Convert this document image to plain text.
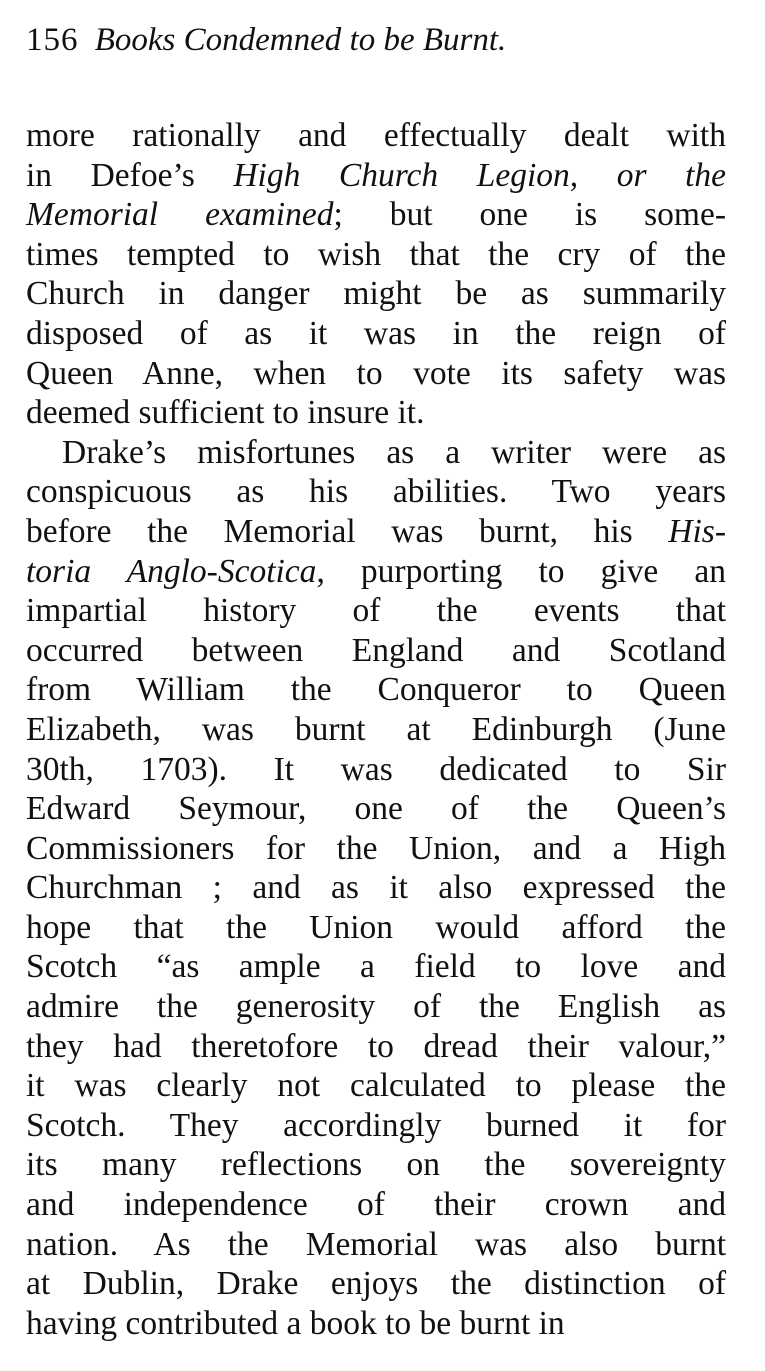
156 Books Condemned to be Burnt.
more rationally and effectually dealt with
in Defoe’s High Church Legion, or the
Memorial examined; but one is some-
times tempted to wish that the cry of the
Church in danger might be as summarily
disposed of as it was in the reign of
Queen Anne, when to vote its safety was
deemed sufficient to insure it.
Drake’s misfortunes as a writer were as
conspicuous as his abilities. Two years
before the Memorial was burnt, his His-
toria Anglo-Scotica, purporting to give an
impartial history of the events that
occurred between England and Scotland
from William the Conqueror to Queen
Elizabeth, was burnt at Edinburgh (June
30th, 1703). It was dedicated to Sir
Edward Seymour, one of the Queen’s
Commissioners for the Union, and a High
Churchman ; and as it also expressed the
hope that the Union would afford the
Scotch “as ample a field to love and
admire the generosity of the English as
they had theretofore to dread their valour,”
it was clearly not calculated to please the
Scotch. They accordingly burned it for
its many reflections on the sovereignty
and independence of their crown and
nation. As the Memorial was also burnt
at Dublin, Drake enjoys the distinction of
having contributed a book to be burnt in
